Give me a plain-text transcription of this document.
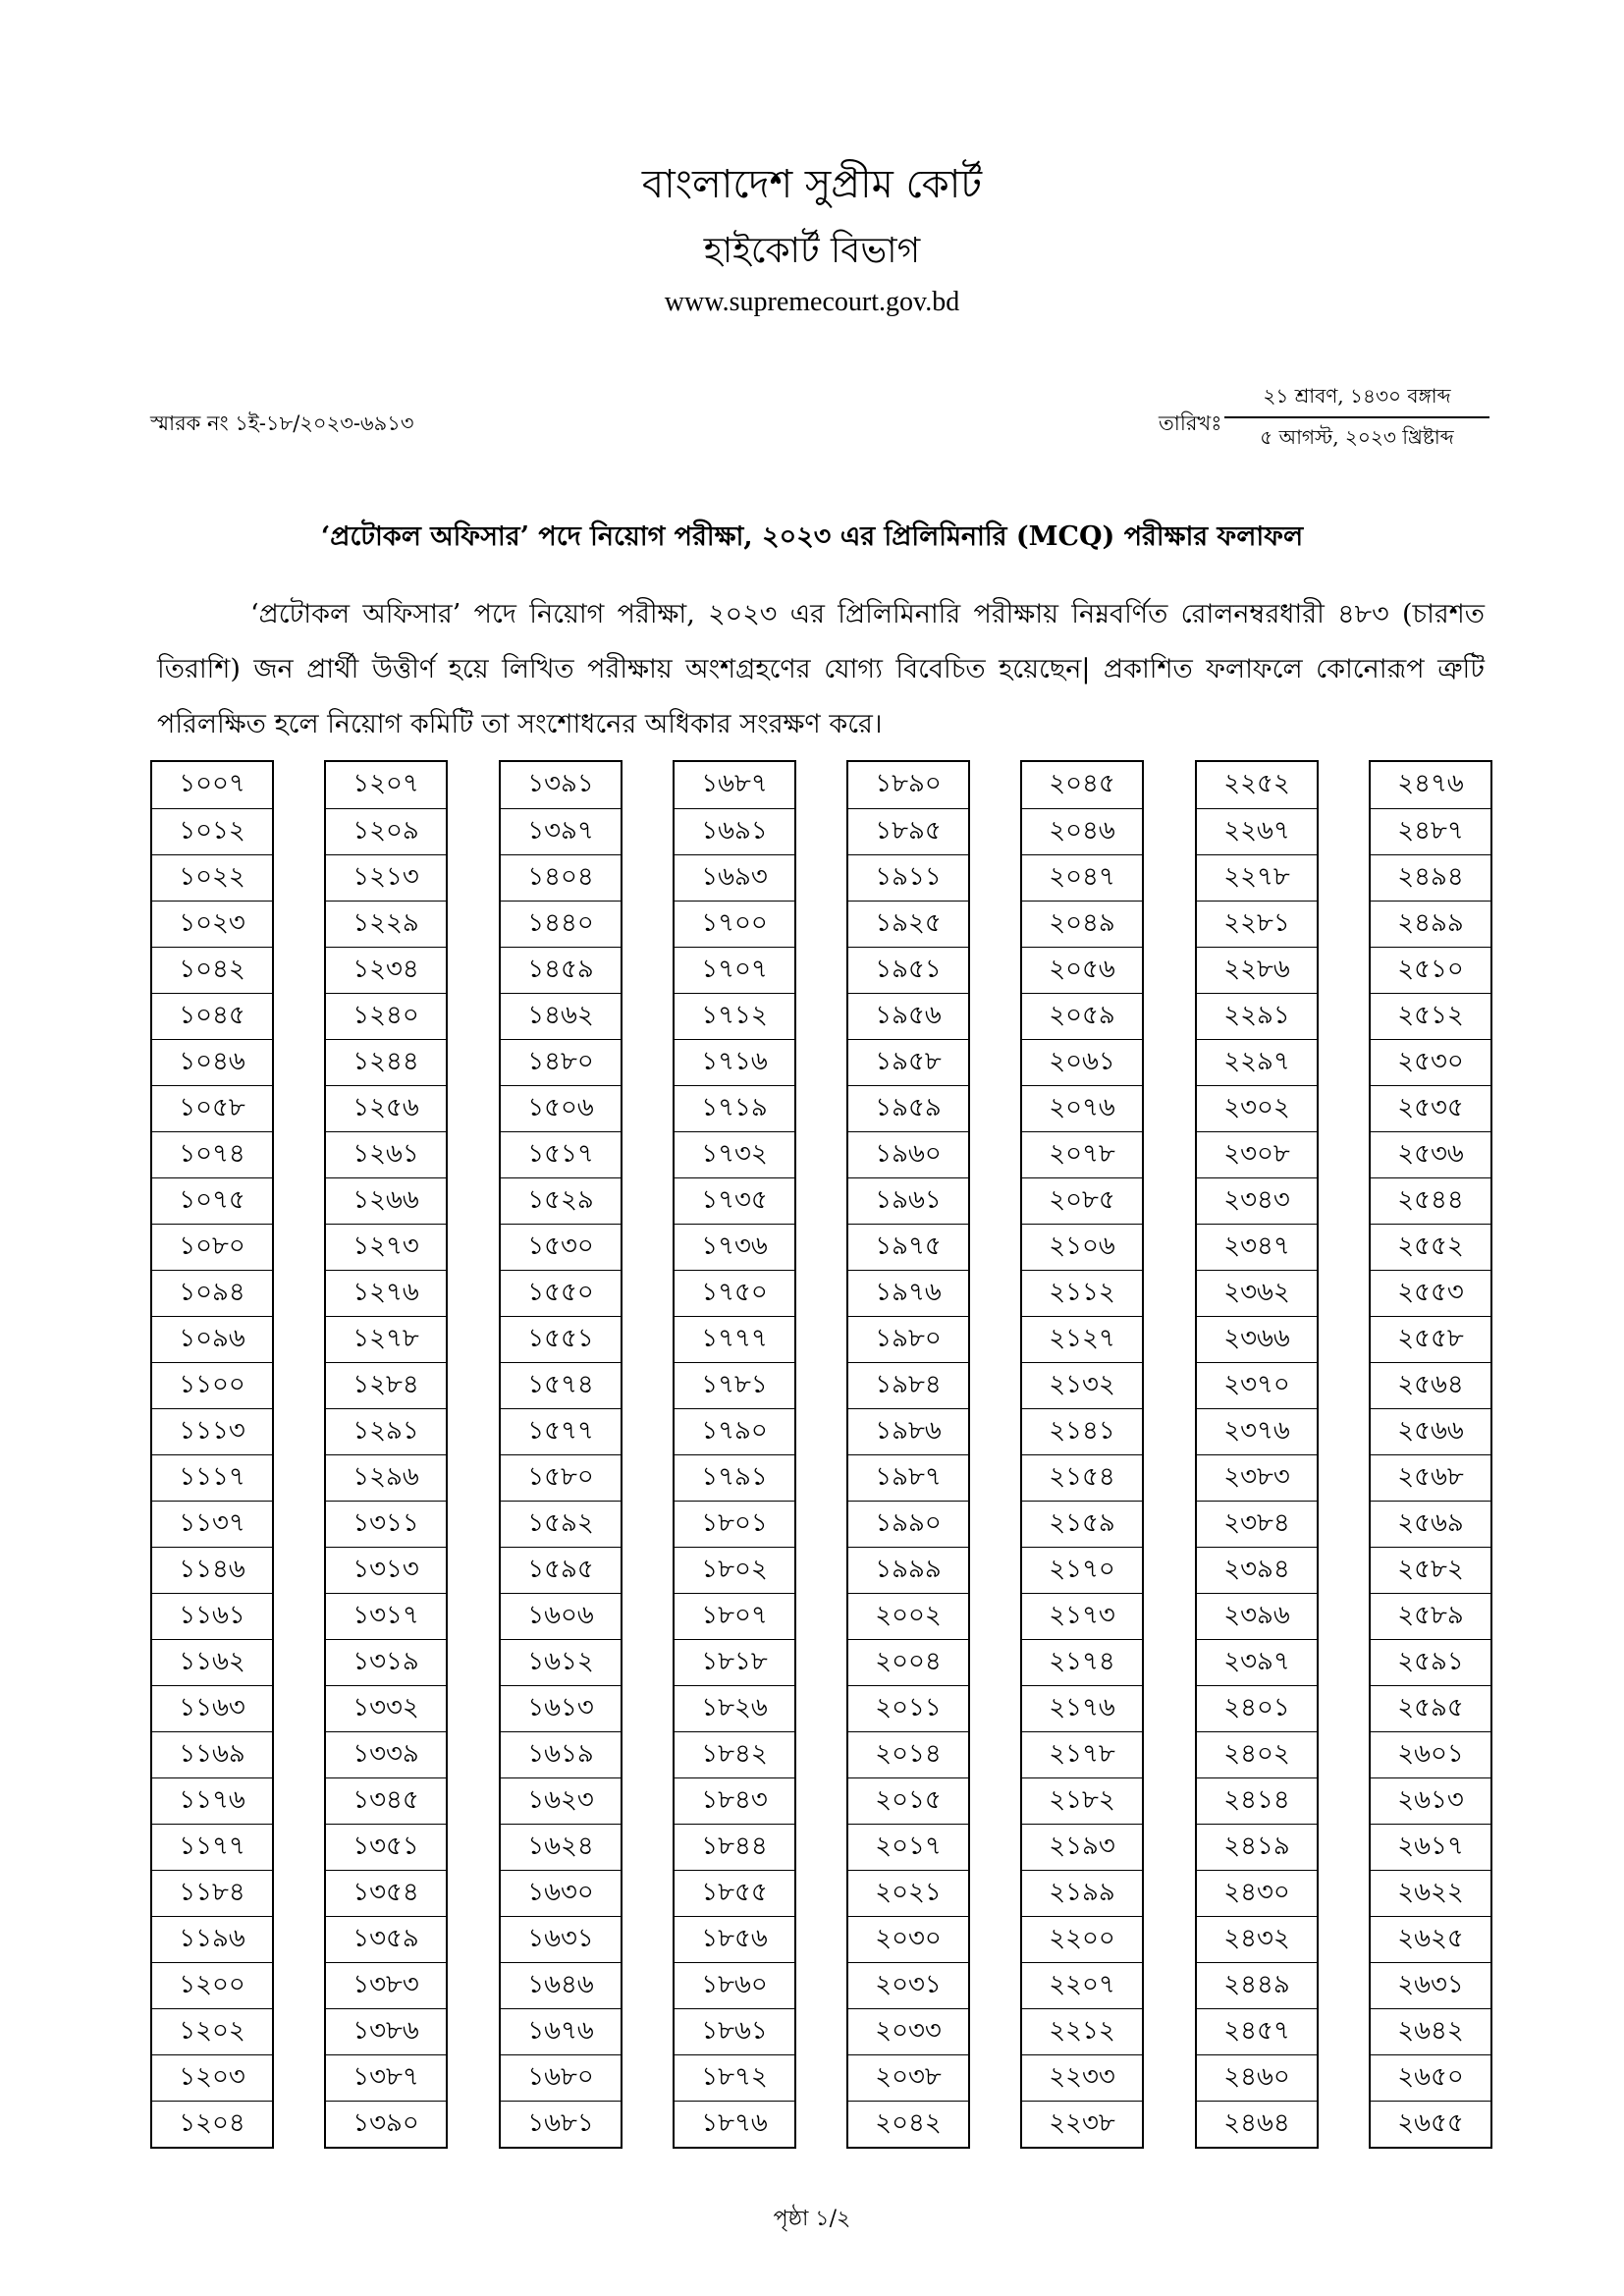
বাংলাদেশ সুপ্রীম কোর্ট
হাইকোর্ট বিভাগ
www.supremecourt.gov.bd
স্মারক নং ১ই-১৮/২০২৩-৬৯১৩	তারিখঃ
২১ শ্রাবণ, ১৪৩০ বঙ্গাব্দ
৫ আগস্ট, ২০২৩ খ্রিষ্টাব্দ
‘প্রটোকল অফিসার’ পদে নিয়োগ পরীক্ষা, ২০২৩ এর প্রিলিমিনারি (MCQ) পরীক্ষার ফলাফল
‘প্রটোকল অফিসার’ পদে নিয়োগ পরীক্ষা, ২০২৩ এর প্রিলিমিনারি পরীক্ষায় নিম্নবর্ণিত রোলনম্বরধারী ৪৮৩ (চারশত তিরাশি) জন প্রার্থী উত্তীর্ণ হয়ে লিখিত পরীক্ষায় অংশগ্রহণের যোগ্য বিবেচিত হয়েছেন| প্রকাশিত ফলাফলে কোনোরূপ ত্রুটি পরিলক্ষিত হলে নিয়োগ কমিটি তা সংশোধনের অধিকার সংরক্ষণ করে।
১০০৭
১০১২
১০২২
১০২৩
১০৪২
১০৪৫
১০৪৬
১০৫৮
১০৭৪
১০৭৫
১০৮০
১০৯৪
১০৯৬
১১০০
১১১৩
১১১৭
১১৩৭
১১৪৬
১১৬১
১১৬২
১১৬৩
১১৬৯
১১৭৬
১১৭৭
১১৮৪
১১৯৬
১২০০
১২০২
১২০৩
১২০৪
১২০৭
১২০৯
১২১৩
১২২৯
১২৩৪
১২৪০
১২৪৪
১২৫৬
১২৬১
১২৬৬
১২৭৩
১২৭৬
১২৭৮
১২৮৪
১২৯১
১২৯৬
১৩১১
১৩১৩
১৩১৭
১৩১৯
১৩৩২
১৩৩৯
১৩৪৫
১৩৫১
১৩৫৪
১৩৫৯
১৩৮৩
১৩৮৬
১৩৮৭
১৩৯০
১৩৯১
১৩৯৭
১৪০৪
১৪৪০
১৪৫৯
১৪৬২
১৪৮০
১৫০৬
১৫১৭
১৫২৯
১৫৩০
১৫৫০
১৫৫১
১৫৭৪
১৫৭৭
১৫৮০
১৫৯২
১৫৯৫
১৬০৬
১৬১২
১৬১৩
১৬১৯
১৬২৩
১৬২৪
১৬৩০
১৬৩১
১৬৪৬
১৬৭৬
১৬৮০
১৬৮১
১৬৮৭
১৬৯১
১৬৯৩
১৭০০
১৭০৭
১৭১২
১৭১৬
১৭১৯
১৭৩২
১৭৩৫
১৭৩৬
১৭৫০
১৭৭৭
১৭৮১
১৭৯০
১৭৯১
১৮০১
১৮০২
১৮০৭
১৮১৮
১৮২৬
১৮৪২
১৮৪৩
১৮৪৪
১৮৫৫
১৮৫৬
১৮৬০
১৮৬১
১৮৭২
১৮৭৬
১৮৯০
১৮৯৫
১৯১১
১৯২৫
১৯৫১
১৯৫৬
১৯৫৮
১৯৫৯
১৯৬০
১৯৬১
১৯৭৫
১৯৭৬
১৯৮০
১৯৮৪
১৯৮৬
১৯৮৭
১৯৯০
১৯৯৯
২০০২
২০০৪
২০১১
২০১৪
২০১৫
২০১৭
২০২১
২০৩০
২০৩১
২০৩৩
২০৩৮
২০৪২
২০৪৫
২০৪৬
২০৪৭
২০৪৯
২০৫৬
২০৫৯
২০৬১
২০৭৬
২০৭৮
২০৮৫
২১০৬
২১১২
২১২৭
২১৩২
২১৪১
২১৫৪
২১৫৯
২১৭০
২১৭৩
২১৭৪
২১৭৬
২১৭৮
২১৮২
২১৯৩
২১৯৯
২২০০
২২০৭
২২১২
২২৩৩
২২৩৮
২২৫২
২২৬৭
২২৭৮
২২৮১
২২৮৬
২২৯১
২২৯৭
২৩০২
২৩০৮
২৩৪৩
২৩৪৭
২৩৬২
২৩৬৬
২৩৭০
২৩৭৬
২৩৮৩
২৩৮৪
২৩৯৪
২৩৯৬
২৩৯৭
২৪০১
২৪০২
২৪১৪
২৪১৯
২৪৩০
২৪৩২
২৪৪৯
২৪৫৭
২৪৬০
২৪৬৪
২৪৭৬
২৪৮৭
২৪৯৪
২৪৯৯
২৫১০
২৫১২
২৫৩০
২৫৩৫
২৫৩৬
২৫৪৪
২৫৫২
২৫৫৩
২৫৫৮
২৫৬৪
২৫৬৬
২৫৬৮
২৫৬৯
২৫৮২
২৫৮৯
২৫৯১
২৫৯৫
২৬০১
২৬১৩
২৬১৭
২৬২২
২৬২৫
২৬৩১
২৬৪২
২৬৫০
২৬৫৫
পৃষ্ঠা ১/২
